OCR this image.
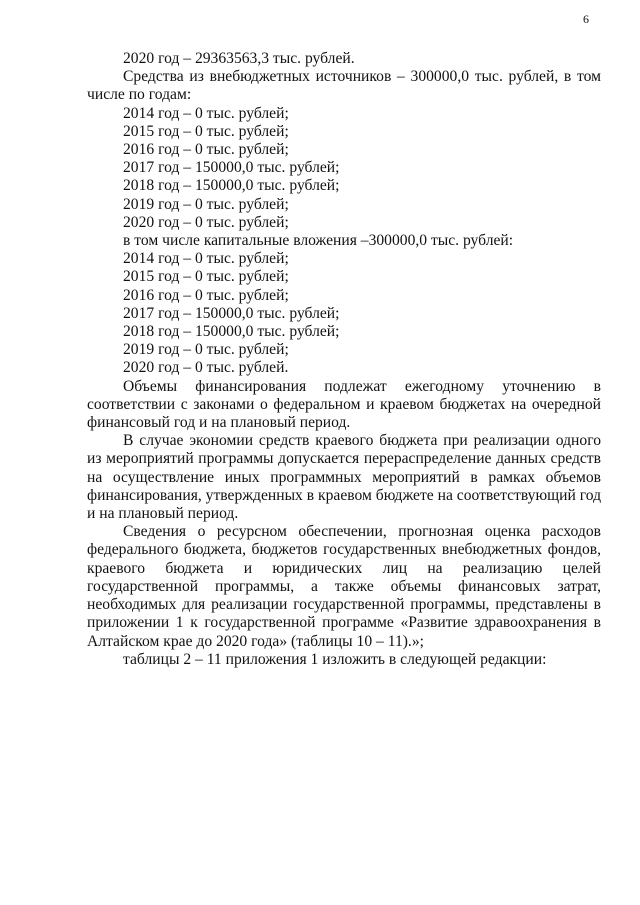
6
2020 год – 29363563,3 тыс. рублей.

Средства из внебюджетных источников – 300000,0 тыс. рублей, в том числе по годам:

2014 год – 0 тыс. рублей;
2015 год – 0 тыс. рублей;
2016 год – 0 тыс. рублей;
2017 год – 150000,0 тыс. рублей;
2018 год – 150000,0 тыс. рублей;
2019 год – 0 тыс. рублей;
2020 год – 0 тыс. рублей;
в том числе капитальные вложения –300000,0 тыс. рублей:
2014 год – 0 тыс. рублей;
2015 год – 0 тыс. рублей;
2016 год – 0 тыс. рублей;
2017 год – 150000,0 тыс. рублей;
2018 год – 150000,0 тыс. рублей;
2019 год – 0 тыс. рублей;
2020 год – 0 тыс. рублей.

Объемы финансирования подлежат ежегодному уточнению в соответствии с законами о федеральном и краевом бюджетах на очередной финансовый год и на плановый период.

В случае экономии средств краевого бюджета при реализации одного из мероприятий программы допускается перераспределение данных средств на осуществление иных программных мероприятий в рамках объемов финансирования, утвержденных в краевом бюджете на соответствующий год и на плановый период.

Сведения о ресурсном обеспечении, прогнозная оценка расходов федерального бюджета, бюджетов государственных внебюджетных фондов, краевого бюджета и юридических лиц на реализацию целей государственной программы, а также объемы финансовых затрат, необходимых для реализации государственной программы, представлены в приложении 1 к государственной программе «Развитие здравоохранения в Алтайском крае до 2020 года» (таблицы 10 – 11).»;

таблицы 2 – 11 приложения 1 изложить в следующей редакции:
